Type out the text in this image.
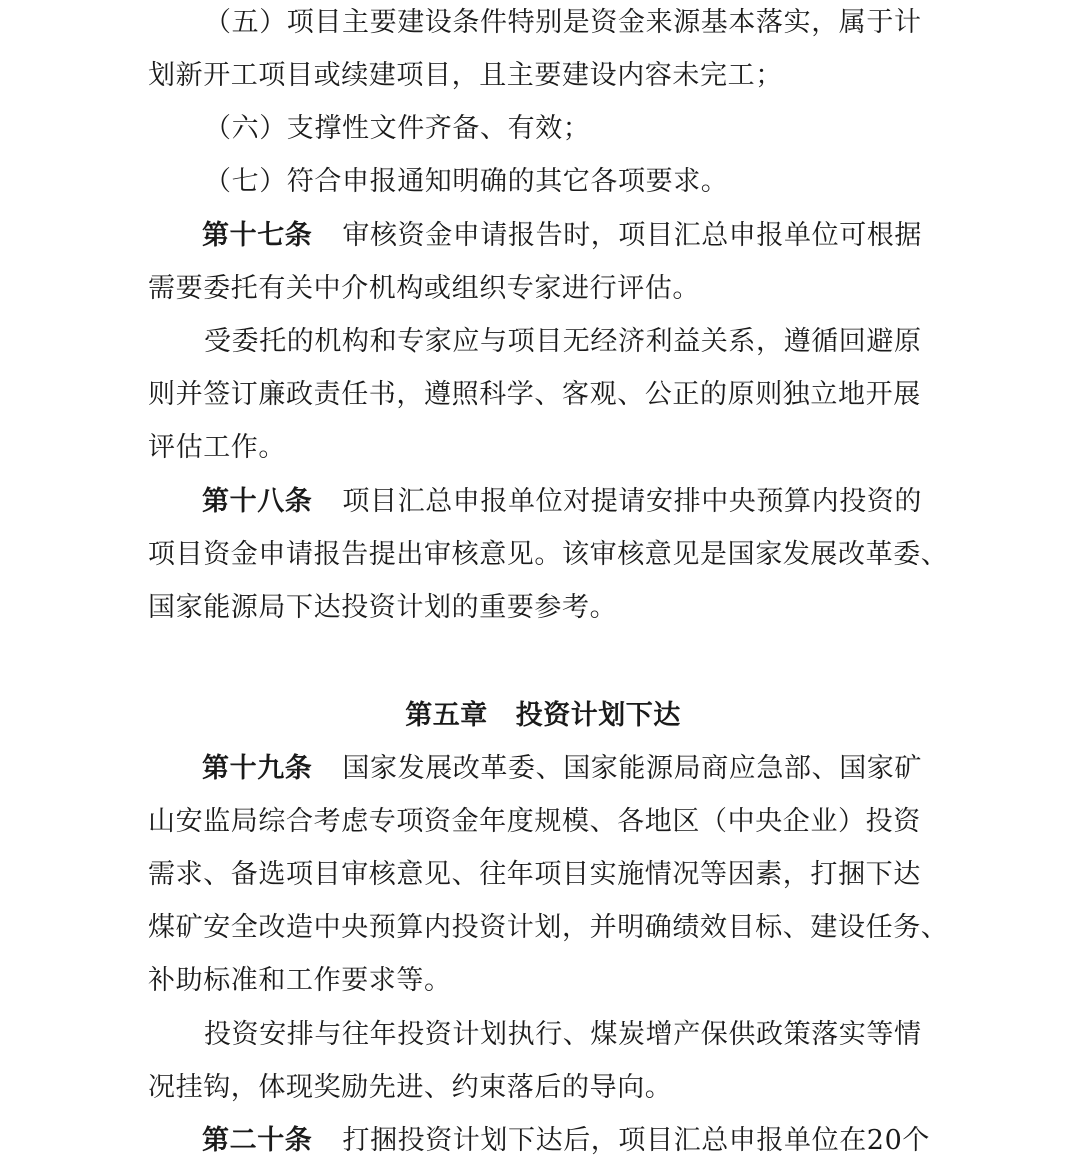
（五）项目主要建设条件特别是资金来源基本落实，属于计
划新开工项目或续建项目，且主要建设内容未完工；
（六）支撑性文件齐备、有效；
（七）符合申报通知明确的其它各项要求。
第十七条 审核资金申请报告时，项目汇总申报单位可根据
需要委托有关中介机构或组织专家进行评估。
受委托的机构和专家应与项目无经济利益关系，遵循回避原
则并签订廉政责任书，遵照科学、客观、公正的原则独立地开展
评估工作。
第十八条 项目汇总申报单位对提请安排中央预算内投资的
项目资金申请报告提出审核意见。该审核意见是国家发展改革委、
国家能源局下达投资计划的重要参考。
第五章 投资计划下达
第十九条 国家发展改革委、国家能源局商应急部、国家矿
山安监局综合考虑专项资金年度规模、各地区（中央企业）投资
需求、备选项目审核意见、往年项目实施情况等因素，打捆下达
煤矿安全改造中央预算内投资计划，并明确绩效目标、建设任务、
补助标准和工作要求等。
投资安排与往年投资计划执行、煤炭增产保供政策落实等情
况挂钩，体现奖励先进、约束落后的导向。
第二十条 打捆投资计划下达后，项目汇总申报单位在20个
